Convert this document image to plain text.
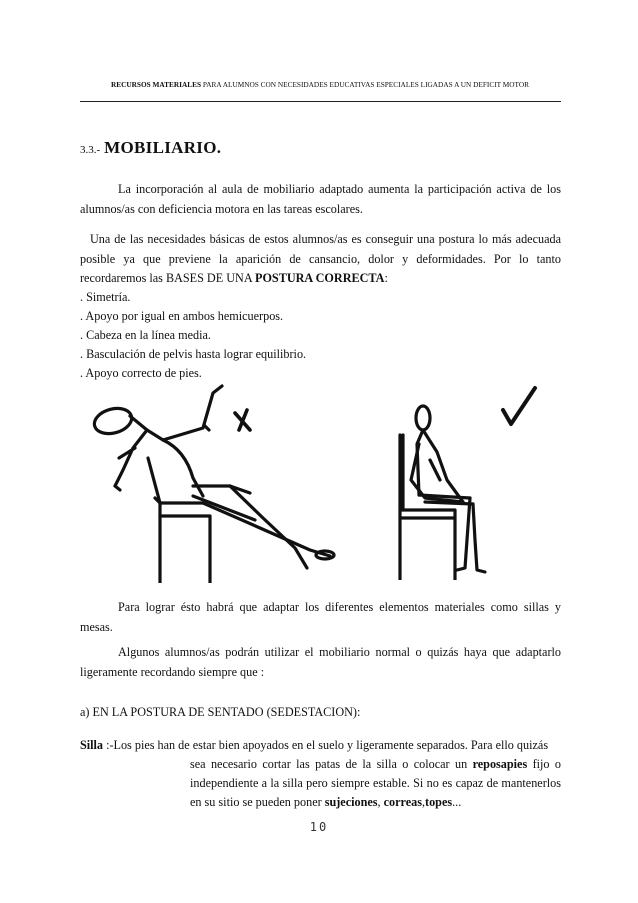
RECURSOS MATERIALES PARA ALUMNOS CON NECESIDADES EDUCATIVAS ESPECIALES LIGADAS A UN DEFICIT MOTOR
3.3.- MOBILIARIO.
La incorporación al aula de mobiliario adaptado aumenta la participación activa de los alumnos/as con deficiencia motora en las tareas escolares.
Una de las necesidades básicas de estos alumnos/as es conseguir una postura lo más adecuada posible ya que previene la aparición de cansancio, dolor y deformidades. Por lo tanto recordaremos las BASES DE UNA POSTURA CORRECTA:
. Simetría.
. Apoyo por igual en ambos hemicuerpos.
. Cabeza en la línea media.
. Basculación de pelvis hasta lograr equilibrio.
. Apoyo correcto de pies.
Para lograr ésto habrá que adaptar los diferentes elementos materiales como sillas y mesas.
Algunos alumnos/as podrán utilizar el mobiliario normal o quizás haya que adaptarlo ligeramente recordando siempre que :
a) EN LA POSTURA DE SENTADO (SEDESTACION):
Silla :-Los pies han de estar bien apoyados en el suelo y ligeramente separados. Para ello quizás
sea necesario cortar las patas de la silla o colocar un reposapies fijo o independiente a la silla pero siempre estable. Si no es capaz de mantenerlos en su sitio se pueden poner sujeciones, correas,topes...
10
